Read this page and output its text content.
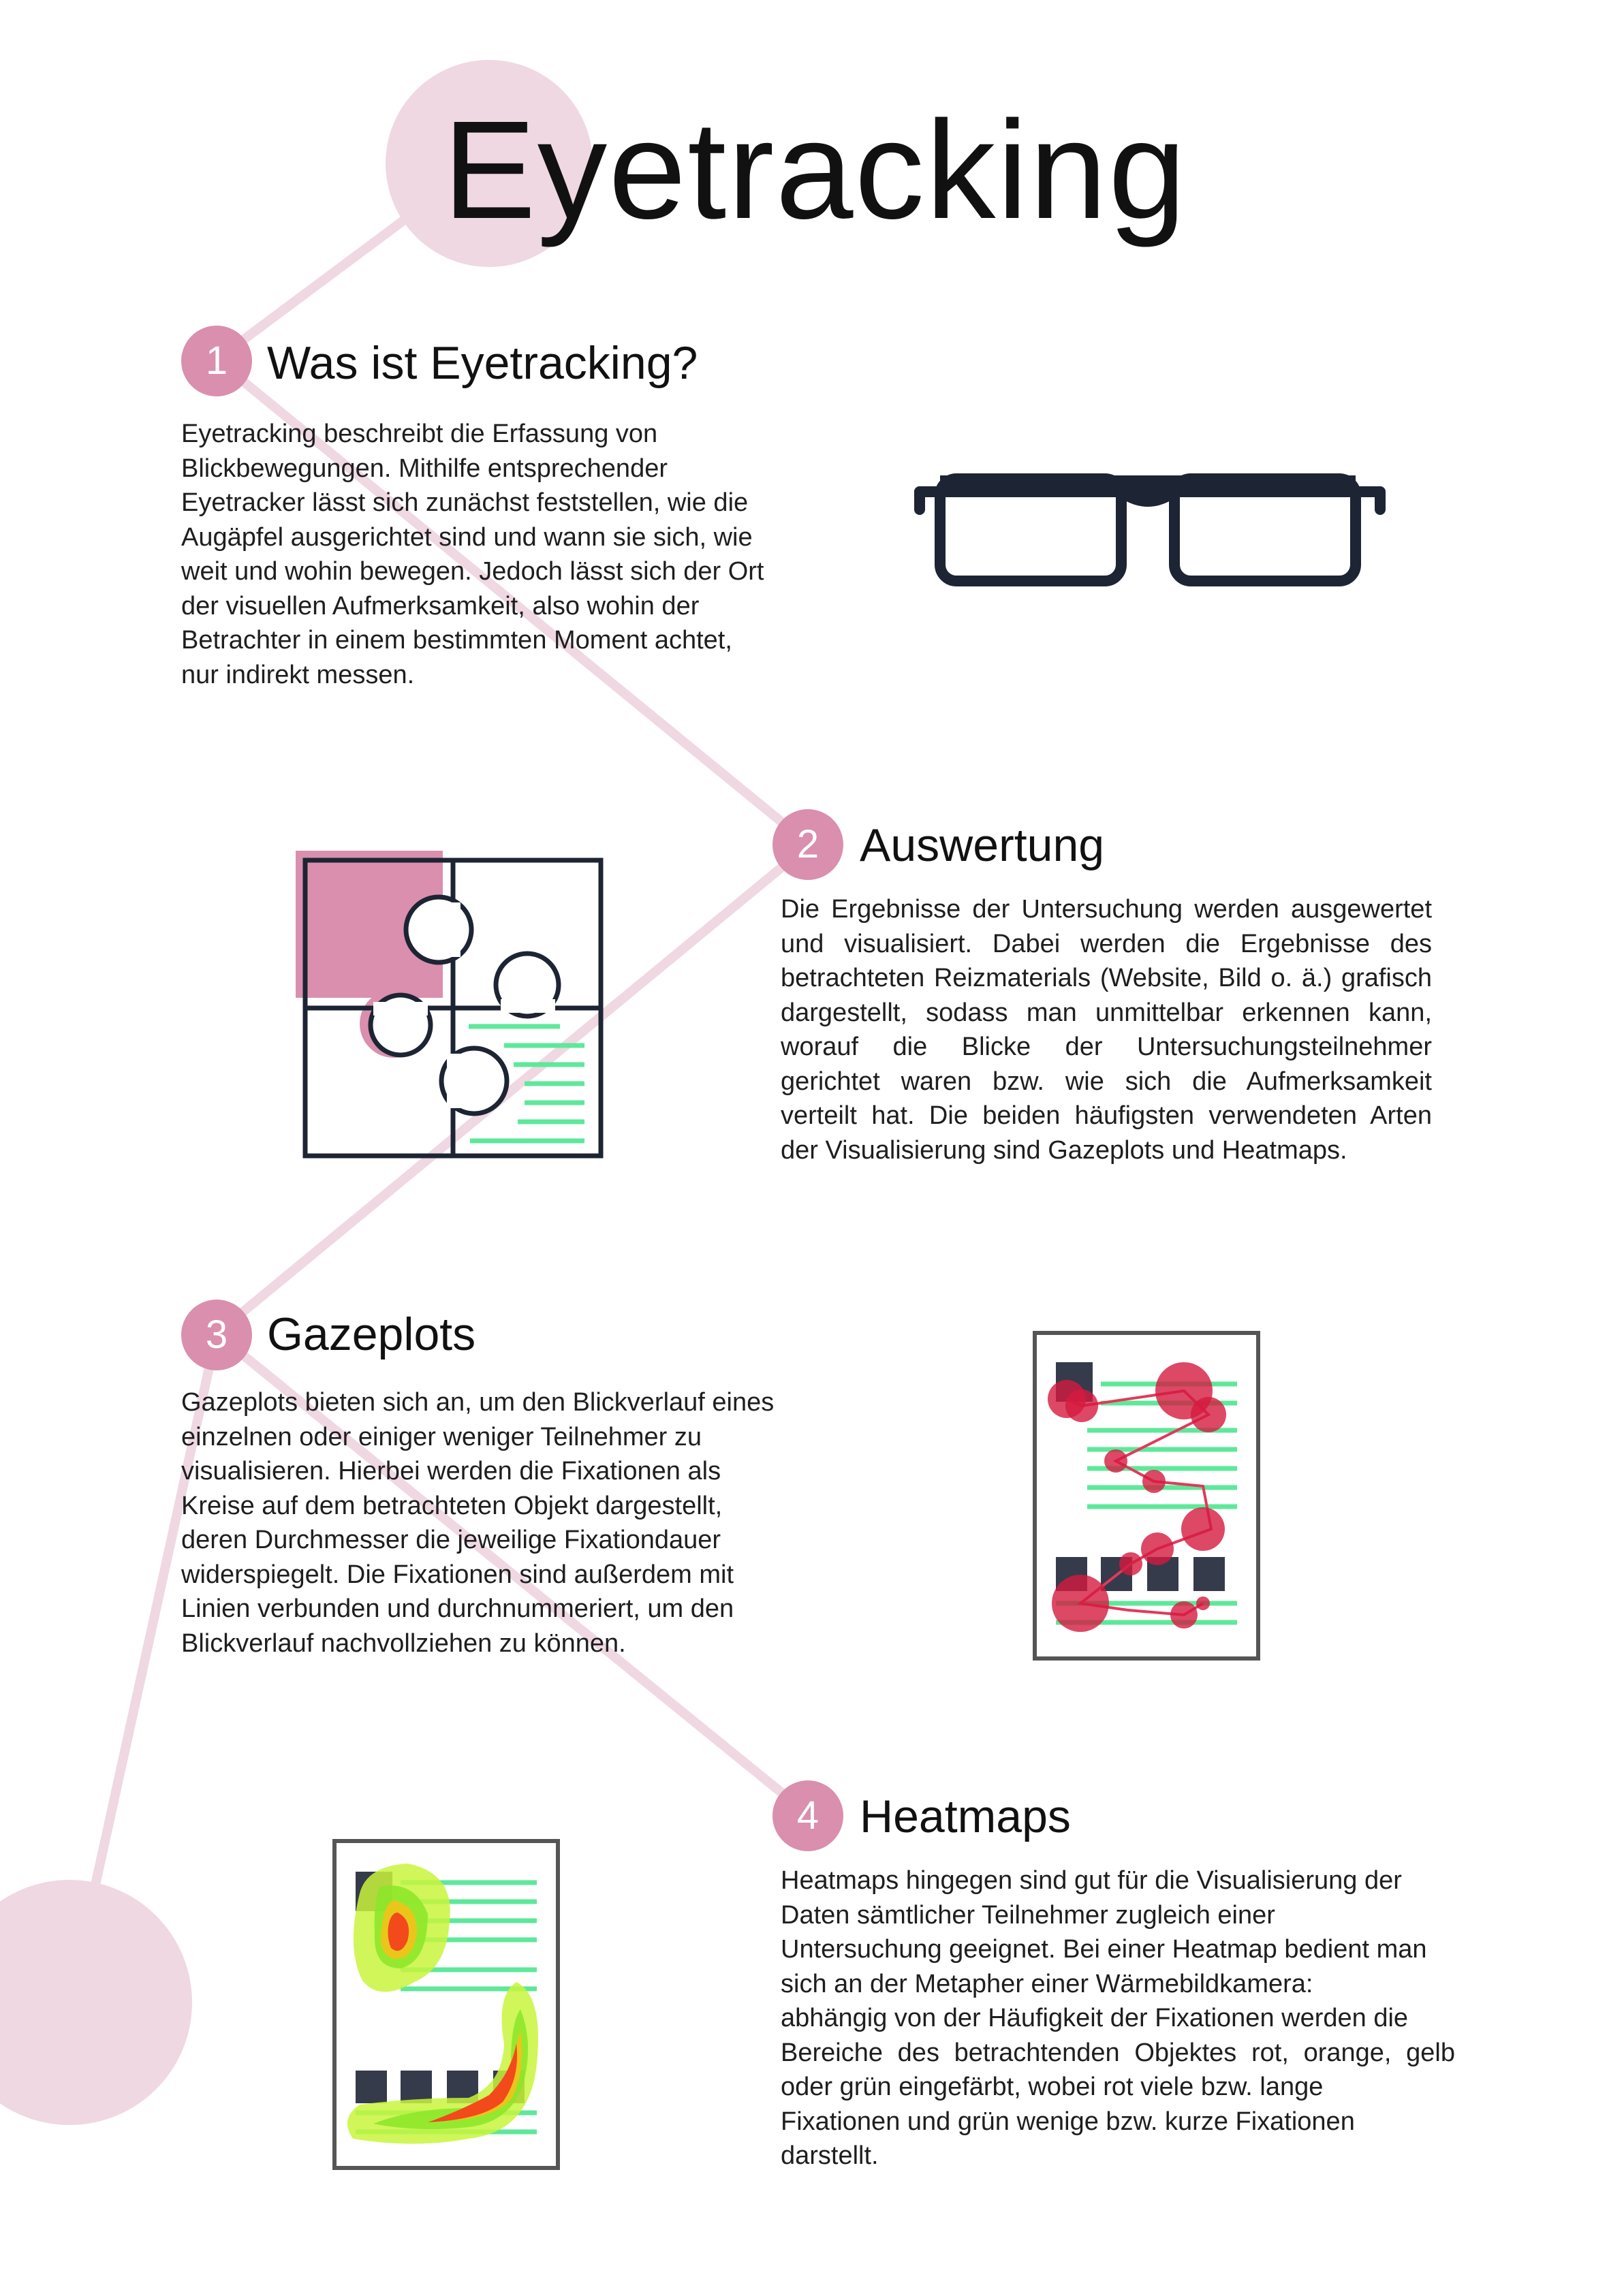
Eyetracking
1 Was ist Eyetracking?
Eyetracking beschreibt die Erfassung von
Blickbewegungen. Mithilfe entsprechender
Eyetracker lässt sich zunächst feststellen, wie die
Augäpfel ausgerichtet sind und wann sie sich, wie
weit und wohin bewegen. Jedoch lässt sich der Ort
der visuellen Aufmerksamkeit, also wohin der
Betrachter in einem bestimmten Moment achtet,
nur indirekt messen.
2 Auswertung
Die Ergebnisse der Untersuchung werden ausgewertet
und visualisiert. Dabei werden die Ergebnisse des
betrachteten Reizmaterials (Website, Bild o. ä.) grafisch
dargestellt, sodass man unmittelbar erkennen kann,
worauf die Blicke der Untersuchungsteilnehmer
gerichtet waren bzw. wie sich die Aufmerksamkeit
verteilt hat. Die beiden häufigsten verwendeten Arten
der Visualisierung sind Gazeplots und Heatmaps.
3 Gazeplots
Gazeplots bieten sich an, um den Blickverlauf eines
einzelnen oder einiger weniger Teilnehmer zu
visualisieren. Hierbei werden die Fixationen als
Kreise auf dem betrachteten Objekt dargestellt,
deren Durchmesser die jeweilige Fixationdauer
widerspiegelt. Die Fixationen sind außerdem mit
Linien verbunden und durchnummeriert, um den
Blickverlauf nachvollziehen zu können.
4 Heatmaps
Heatmaps hingegen sind gut für die Visualisierung der
Daten sämtlicher Teilnehmer zugleich einer
Untersuchung geeignet. Bei einer Heatmap bedient man
sich an der Metapher einer Wärmebildkamera:
abhängig von der Häufigkeit der Fixationen werden die
Bereiche des betrachtenden Objektes rot, orange, gelb
oder grün eingefärbt, wobei rot viele bzw. lange
Fixationen und grün wenige bzw. kurze Fixationen
darstellt.
